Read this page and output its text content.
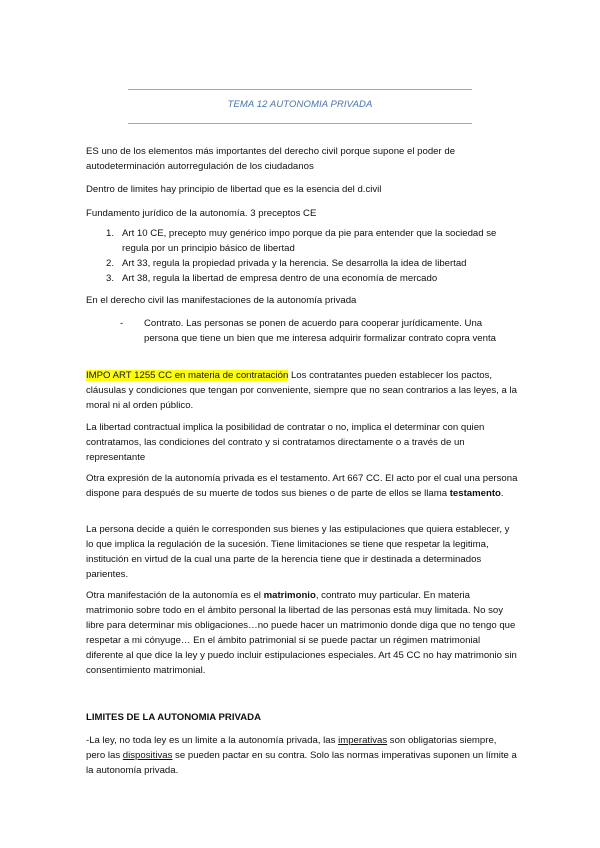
TEMA 12 AUTONOMIA PRIVADA
ES uno de los elementos más importantes del derecho civil porque supone el poder de autodeterminación autorregulación de los ciudadanos
Dentro de limites hay principio de libertad que es la esencia del d.civil
Fundamento jurídico de la autonomía. 3 preceptos CE
1. Art 10 CE, precepto muy genérico impo porque da pie para entender que la sociedad se regula por un principio básico de libertad
2. Art 33, regula la propiedad privada y la herencia. Se desarrolla la idea de libertad
3. Art 38, regula la libertad de empresa dentro de una economía de mercado
En el derecho civil las manifestaciones de la autonomía privada
- Contrato. Las personas se ponen de acuerdo para cooperar jurídicamente. Una persona que tiene un bien que me interesa adquirir formalizar contrato copra venta
IMPO ART 1255 CC en materia de contratación Los contratantes pueden establecer los pactos, cláusulas y condiciones que tengan por conveniente, siempre que no sean contrarios a las leyes, a la moral ni al orden público.
La libertad contractual implica la posibilidad de contratar o no, implica el determinar con quien contratamos, las condiciones del contrato y si contratamos directamente o a través de un representante
Otra expresión de la autonomía privada es el testamento. Art 667 CC. El acto por el cual una persona dispone para después de su muerte de todos sus bienes o de parte de ellos se llama testamento.
La persona decide a quién le corresponden sus bienes y las estipulaciones que quiera establecer, y lo que implica la regulación de la sucesión. Tiene limitaciones se tiene que respetar la legitima, institución en virtud de la cual una parte de la herencia tiene que ir destinada a determinados parientes.
Otra manifestación de la autonomía es el matrimonio, contrato muy particular. En materia matrimonio sobre todo en el ámbito personal la libertad de las personas está muy limitada. No soy libre para determinar mis obligaciones…no puede hacer un matrimonio donde diga que no tengo que respetar a mi cónyuge… En el ámbito patrimonial si se puede pactar un régimen matrimonial diferente al que dice la ley y puedo incluir estipulaciones especiales. Art 45 CC no hay matrimonio sin consentimiento matrimonial.
LIMITES DE LA AUTONOMIA PRIVADA
-La ley, no toda ley es un limite a la autonomía privada, las imperativas son obligatorias siempre, pero las dispositivas se pueden pactar en su contra. Solo las normas imperativas suponen un límite a la autonomía privada.
